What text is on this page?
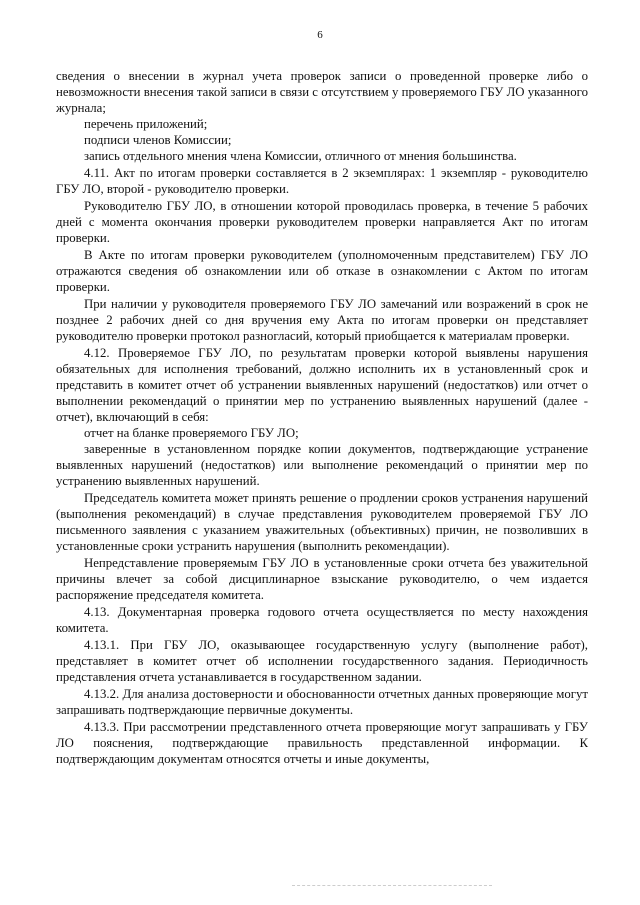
6

сведения о внесении в журнал учета проверок записи о проведенной проверке либо о невозможности внесения такой записи в связи с отсутствием у проверяемого ГБУ ЛО указанного журнала;

перечень приложений;

подписи членов Комиссии;

запись отдельного мнения члена Комиссии, отличного от мнения большинства.

4.11. Акт по итогам проверки составляется в 2 экземплярах: 1 экземпляр - руководителю ГБУ ЛО, второй - руководителю проверки.

Руководителю ГБУ ЛО, в отношении которой проводилась проверка, в течение 5 рабочих дней с момента окончания проверки руководителем проверки направляется Акт по итогам проверки.

В Акте по итогам проверки руководителем (уполномоченным представителем) ГБУ ЛО отражаются сведения об ознакомлении или об отказе в ознакомлении с Актом по итогам проверки.

При наличии у руководителя проверяемого ГБУ ЛО замечаний или возражений в срок не позднее 2 рабочих дней со дня вручения ему Акта по итогам проверки он представляет руководителю проверки протокол разногласий, который приобщается к материалам проверки.

4.12. Проверяемое ГБУ ЛО, по результатам проверки которой выявлены нарушения обязательных для исполнения требований, должно исполнить их в установленный срок и представить в комитет отчет об устранении выявленных нарушений (недостатков) или отчет о выполнении рекомендаций о принятии мер по устранению выявленных нарушений (далее - отчет), включающий в себя:

отчет на бланке проверяемого ГБУ ЛО;

заверенные в установленном порядке копии документов, подтверждающие устранение выявленных нарушений (недостатков) или выполнение рекомендаций о принятии мер по устранению выявленных нарушений.

Председатель комитета может принять решение о продлении сроков устранения нарушений (выполнения рекомендаций) в случае представления руководителем проверяемой ГБУ ЛО письменного заявления с указанием уважительных (объективных) причин, не позволивших в установленные сроки устранить нарушения (выполнить рекомендации).

Непредставление проверяемым ГБУ ЛО в установленные сроки отчета без уважительной причины влечет за собой дисциплинарное взыскание руководителю, о чем издается распоряжение председателя комитета.

4.13. Документарная проверка годового отчета осуществляется по месту нахождения комитета.

4.13.1. При ГБУ ЛО, оказывающее государственную услугу (выполнение работ), представляет в комитет отчет об исполнении государственного задания. Периодичность представления отчета устанавливается в государственном задании.

4.13.2. Для анализа достоверности и обоснованности отчетных данных проверяющие могут запрашивать подтверждающие первичные документы.

4.13.3. При рассмотрении представленного отчета проверяющие могут запрашивать у ГБУ ЛО пояснения, подтверждающие правильность представленной информации. К подтверждающим документам относятся отчеты и иные документы,
